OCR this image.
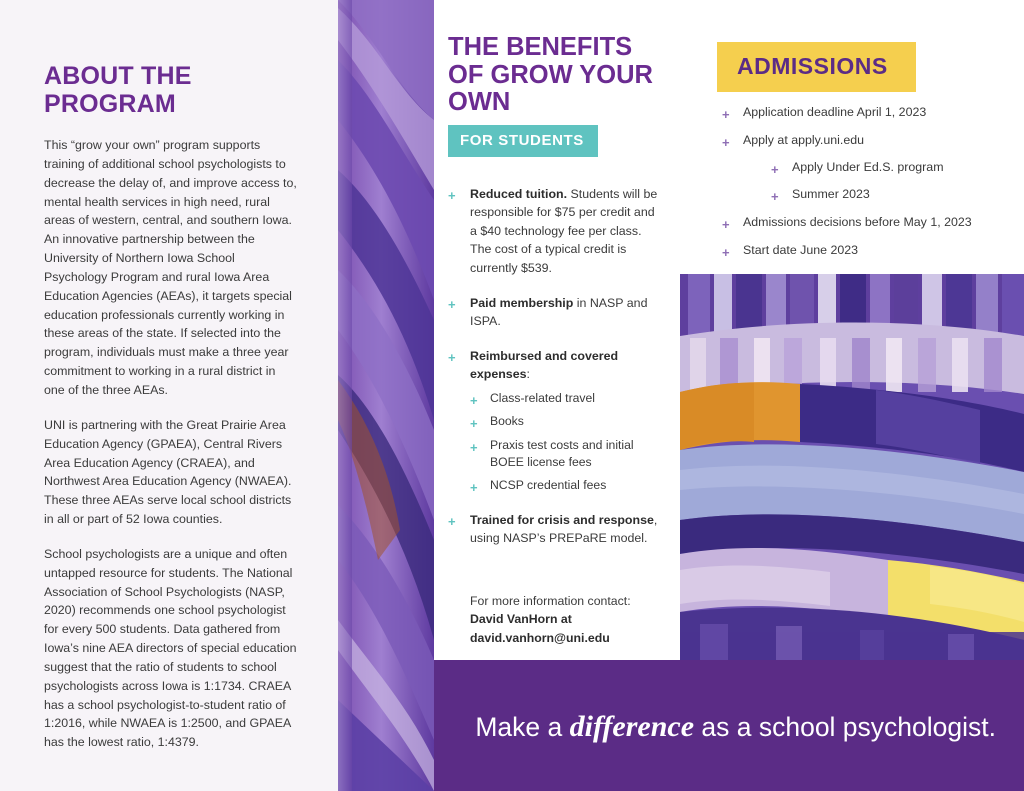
ABOUT THE PROGRAM

This “grow your own” program supports training of additional school psychologists to decrease the delay of, and improve access to, mental health services in high need, rural areas of western, central, and southern Iowa. An innovative partnership between the University of Northern Iowa School Psychology Program and rural Iowa Area Education Agencies (AEAs), it targets special education professionals currently working in these areas of the state. If selected into the program, individuals must make a three year commitment to working in a rural district in one of the three AEAs.

UNI is partnering with the Great Prairie Area Education Agency (GPAEA), Central Rivers Area Education Agency (CRAEA), and Northwest Area Education Agency (NWAEA). These three AEAs serve local school districts in all or part of 52 Iowa counties.

School psychologists are a unique and often untapped resource for students. The National Association of School Psychologists (NASP, 2020) recommends one school psychologist for every 500 students. Data gathered from Iowa’s nine AEA directors of special education suggest that the ratio of students to school psychologists across Iowa is 1:1734. CRAEA has a school psychologist-to-student ratio of 1:2016, while NWAEA is 1:2500, and GPAEA has the lowest ratio, 1:4379.

THE BENEFITS OF GROW YOUR OWN
FOR STUDENTS
+ Reduced tuition. Students will be responsible for $75 per credit and a $40 technology fee per class. The cost of a typical credit is currently $539.
+ Paid membership in NASP and ISPA.
+ Reimbursed and covered expenses:
+ Class-related travel
+ Books
+ Praxis test costs and initial BOEE license fees
+ NCSP credential fees
+ Trained for crisis and response, using NASP’s PREPaRE model.
For more information contact:
David VanHorn at
david.vanhorn@uni.edu
ADMISSIONS
+ Application deadline April 1, 2023
+ Apply at apply.uni.edu
+ Apply Under Ed.S. program
+ Summer 2023
+ Admissions decisions before May 1, 2023
+ Start date June 2023
Make a difference as a school psychologist.
